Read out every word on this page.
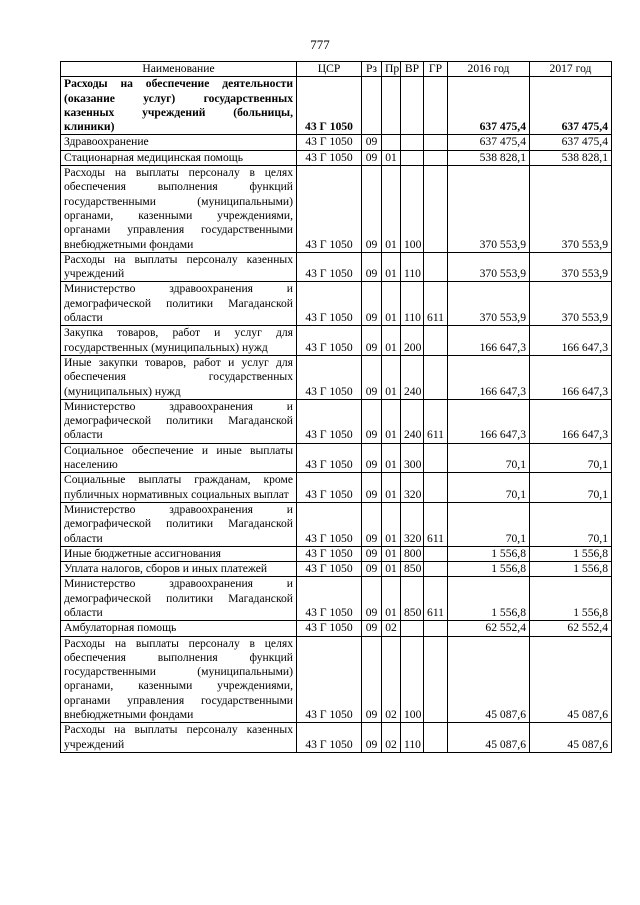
777
Наименование	ЦСР	Рз	Пр	ВР	ГР	2016 год	2017 год
Расходы на обеспечение деятельности (оказание услуг) государственных казенных учреждений (больницы, клиники)	43 Г 1050					637 475,4	637 475,4
Здравоохранение	43 Г 1050	09				637 475,4	637 475,4
Стационарная медицинская помощь	43 Г 1050	09	01			538 828,1	538 828,1
Расходы на выплаты персоналу в целях обеспечения выполнения функций государственными (муниципальными) органами, казенными учреждениями, органами управления государственными внебюджетными фондами	43 Г 1050	09	01	100		370 553,9	370 553,9
Расходы на выплаты персоналу казенных учреждений	43 Г 1050	09	01	110		370 553,9	370 553,9
Министерство здравоохранения и демографической политики Магаданской области	43 Г 1050	09	01	110	611	370 553,9	370 553,9
Закупка товаров, работ и услуг для государственных (муниципальных) нужд	43 Г 1050	09	01	200		166 647,3	166 647,3
Иные закупки товаров, работ и услуг для обеспечения государственных (муниципальных) нужд	43 Г 1050	09	01	240		166 647,3	166 647,3
Министерство здравоохранения и демографической политики Магаданской области	43 Г 1050	09	01	240	611	166 647,3	166 647,3
Социальное обеспечение и иные выплаты населению	43 Г 1050	09	01	300		70,1	70,1
Социальные выплаты гражданам, кроме публичных нормативных социальных выплат	43 Г 1050	09	01	320		70,1	70,1
Министерство здравоохранения и демографической политики Магаданской области	43 Г 1050	09	01	320	611	70,1	70,1
Иные бюджетные ассигнования	43 Г 1050	09	01	800		1 556,8	1 556,8
Уплата налогов, сборов и иных платежей	43 Г 1050	09	01	850		1 556,8	1 556,8
Министерство здравоохранения и демографической политики Магаданской области	43 Г 1050	09	01	850	611	1 556,8	1 556,8
Амбулаторная помощь	43 Г 1050	09	02			62 552,4	62 552,4
Расходы на выплаты персоналу в целях обеспечения выполнения функций государственными (муниципальными) органами, казенными учреждениями, органами управления государственными внебюджетными фондами	43 Г 1050	09	02	100		45 087,6	45 087,6
Расходы на выплаты персоналу казенных учреждений	43 Г 1050	09	02	110		45 087,6	45 087,6
